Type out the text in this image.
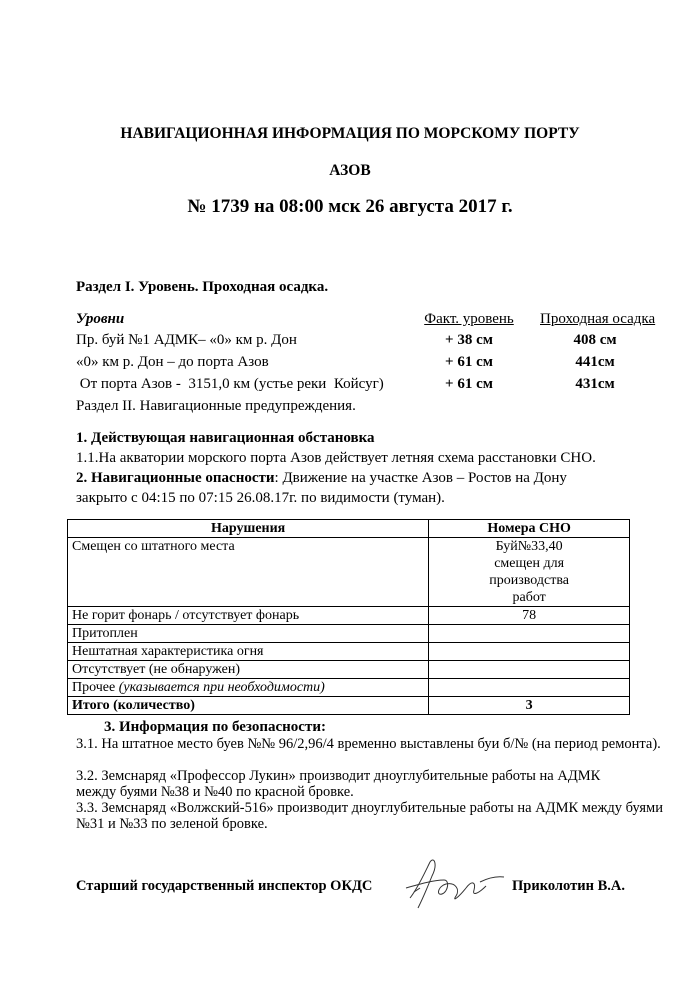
НАВИГАЦИОННАЯ ИНФОРМАЦИЯ ПО МОРСКОМУ ПОРТУ
АЗОВ
№ 1739 на 08:00 мск 26 августа 2017 г.
Раздел I. Уровень. Проходная осадка.
Уровни	Факт. уровень	Проходная осадка
Пр. буй №1 АДМК– «0» км р. Дон	+ 38 см	408 см
«0» км р. Дон – до порта Азов	+ 61 см	441см
От порта Азов -  3151,0 км (устье реки  Койсуг)	+ 61 см	431см
Раздел II. Навигационные предупреждения.
1. Действующая навигационная обстановка
1.1.На акватории морского порта Азов действует летняя схема расстановки СНО.
2. Навигационные опасности: Движение на участке Азов – Ростов на Дону
закрыто с 04:15 по 07:15 26.08.17г. по видимости (туман).
Нарушения	Номера СНО
Смещен со штатного места	Буй№33,40 смещен для производства работ
Не горит фонарь / отсутствует фонарь	78
Притоплен	
Нештатная характеристика огня	
Отсутствует (не обнаружен)	
Прочее (указывается при необходимости)	
Итого (количество)	3
3. Информация по безопасности:
3.1. На штатное место буев №№ 96/2,96/4 временно выставлены буи б/№ (на период ремонта).
3.2. Земснаряд «Профессор Лукин» производит дноуглубительные работы на АДМК между буями №38 и №40 по красной бровке.
3.3. Земснаряд «Волжский-516» производит дноуглубительные работы на АДМК между буями №31 и №33 по зеленой бровке.
Старший государственный инспектор ОКДС	Приколотин В.А.
